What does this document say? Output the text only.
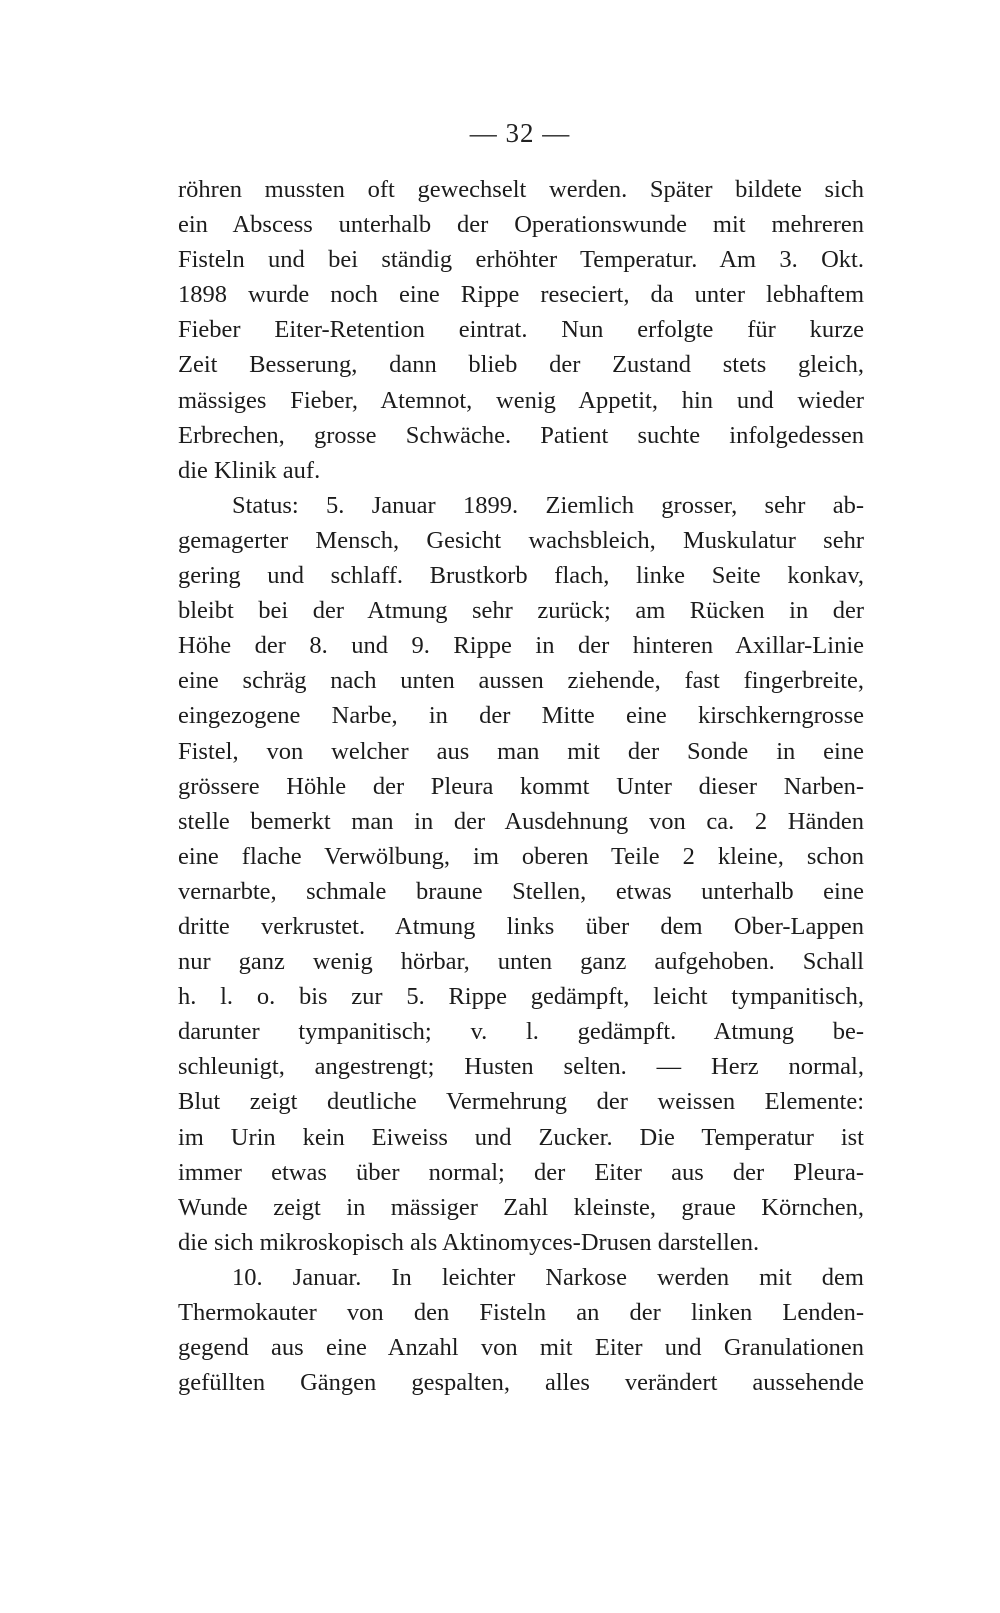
— 32 —
röhren mussten oft gewechselt werden. Später bildete sich
ein Abscess unterhalb der Operationswunde mit mehreren
Fisteln und bei ständig erhöhter Temperatur. Am 3. Okt.
1898 wurde noch eine Rippe reseciert, da unter lebhaftem
Fieber Eiter-Retention eintrat. Nun erfolgte für kurze
Zeit Besserung, dann blieb der Zustand stets gleich,
mässiges Fieber, Atemnot, wenig Appetit, hin und wieder
Erbrechen, grosse Schwäche. Patient suchte infolgedessen
die Klinik auf.
Status: 5. Januar 1899. Ziemlich grosser, sehr ab-
gemagerter Mensch, Gesicht wachsbleich, Muskulatur sehr
gering und schlaff. Brustkorb flach, linke Seite konkav,
bleibt bei der Atmung sehr zurück; am Rücken in der
Höhe der 8. und 9. Rippe in der hinteren Axillar-Linie
eine schräg nach unten aussen ziehende, fast fingerbreite,
eingezogene Narbe, in der Mitte eine kirschkerngrosse
Fistel, von welcher aus man mit der Sonde in eine
grössere Höhle der Pleura kommt Unter dieser Narben-
stelle bemerkt man in der Ausdehnung von ca. 2 Händen
eine flache Verwölbung, im oberen Teile 2 kleine, schon
vernarbte, schmale braune Stellen, etwas unterhalb eine
dritte verkrustet. Atmung links über dem Ober-Lappen
nur ganz wenig hörbar, unten ganz aufgehoben. Schall
h. l. o. bis zur 5. Rippe gedämpft, leicht tympanitisch,
darunter tympanitisch; v. l. gedämpft. Atmung be-
schleunigt, angestrengt; Husten selten. — Herz normal,
Blut zeigt deutliche Vermehrung der weissen Elemente:
im Urin kein Eiweiss und Zucker. Die Temperatur ist
immer etwas über normal; der Eiter aus der Pleura-
Wunde zeigt in mässiger Zahl kleinste, graue Körnchen,
die sich mikroskopisch als Aktinomyces-Drusen darstellen.
10. Januar. In leichter Narkose werden mit dem
Thermokauter von den Fisteln an der linken Lenden-
gegend aus eine Anzahl von mit Eiter und Granulationen
gefüllten Gängen gespalten, alles verändert aussehende
